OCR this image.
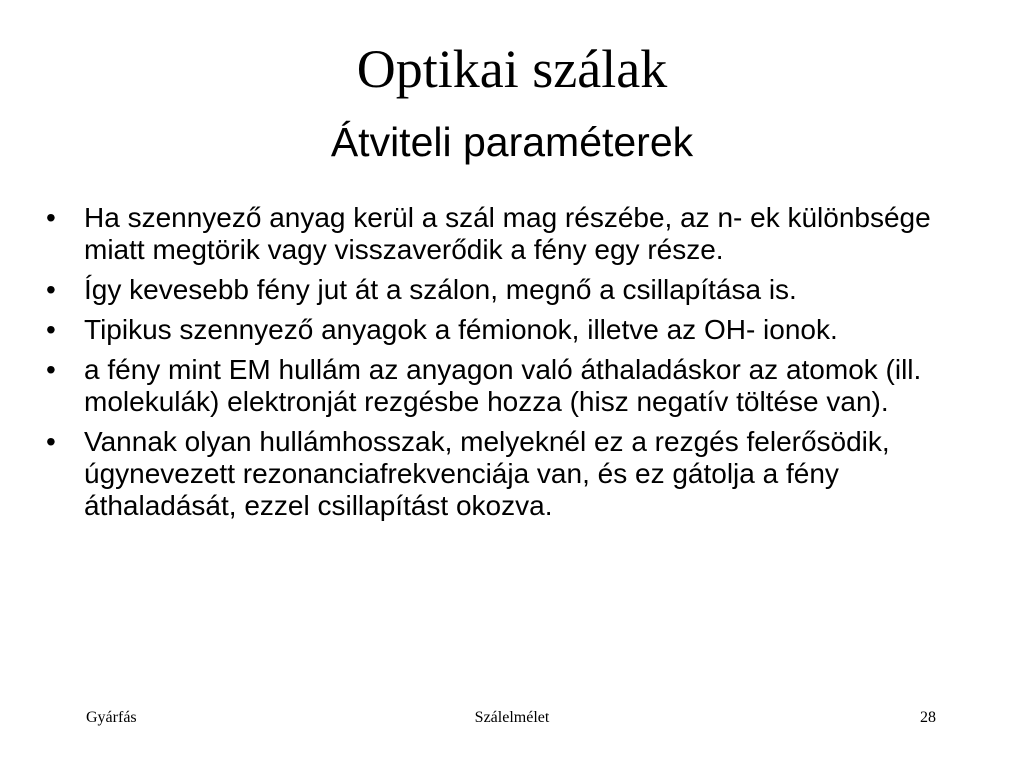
Optikai szálak
Átviteli paraméterek
• Ha szennyező anyag kerül a szál mag részébe, az n- ek különbsége miatt megtörik vagy visszaverődik a fény egy része.
• Így kevesebb fény jut át a szálon, megnő a csillapítása is.
• Tipikus szennyező anyagok a fémionok, illetve az OH- ionok.
• a fény mint EM hullám az anyagon való áthaladáskor az atomok (ill. molekulák) elektronját rezgésbe hozza (hisz negatív töltése van).
• Vannak olyan hullámhosszak, melyeknél ez a rezgés felerősödik, úgynevezett rezonanciafrekvenciája van, és ez gátolja a fény áthaladását, ezzel csillapítást okozva.
Gyárfás	Szálelmélet	28
